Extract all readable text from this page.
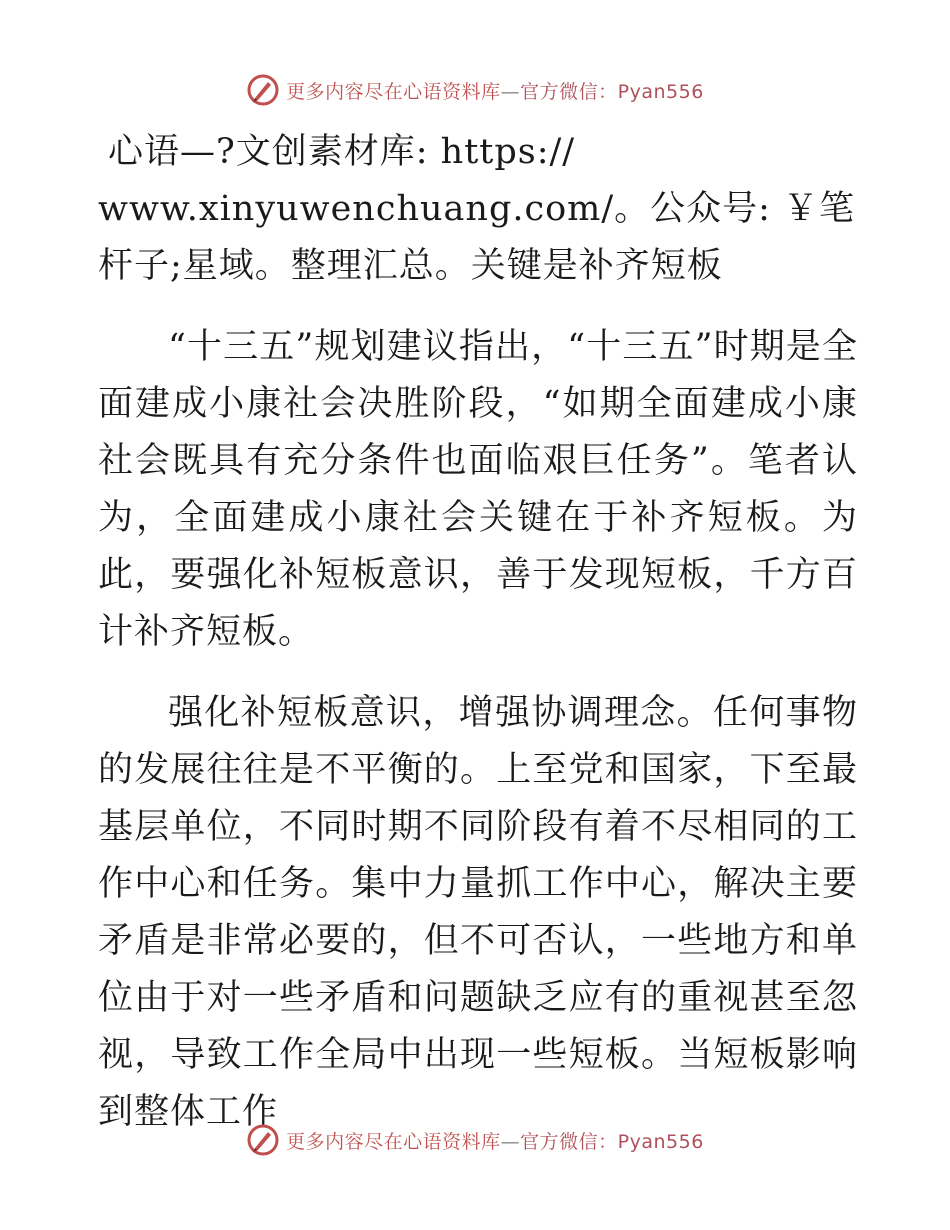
更多内容尽在心语资料库—官方微信：Pyan556

心语—?文创素材库: https://

www.xinyuwenchuang.com/。公众号: ￥笔杆子;星域。整理汇总。关键是补齐短板

“十三五”规划建议指出，“十三五”时期是全面建成小康社会决胜阶段，“如期全面建成小康社会既具有充分条件也面临艰巨任务”。笔者认为，全面建成小康社会关键在于补齐短板。为此，要强化补短板意识，善于发现短板，千方百计补齐短板。

强化补短板意识，增强协调理念。任何事物的发展往往是不平衡的。上至党和国家，下至最基层单位，不同时期不同阶段有着不尽相同的工作中心和任务。集中力量抓工作中心，解决主要矛盾是非常必要的，但不可否认，一些地方和单位由于对一些矛盾和问题缺乏应有的重视甚至忽视，导致工作全局中出现一些短板。当短板影响到整体工作

更多内容尽在心语资料库—官方微信：Pyan556
